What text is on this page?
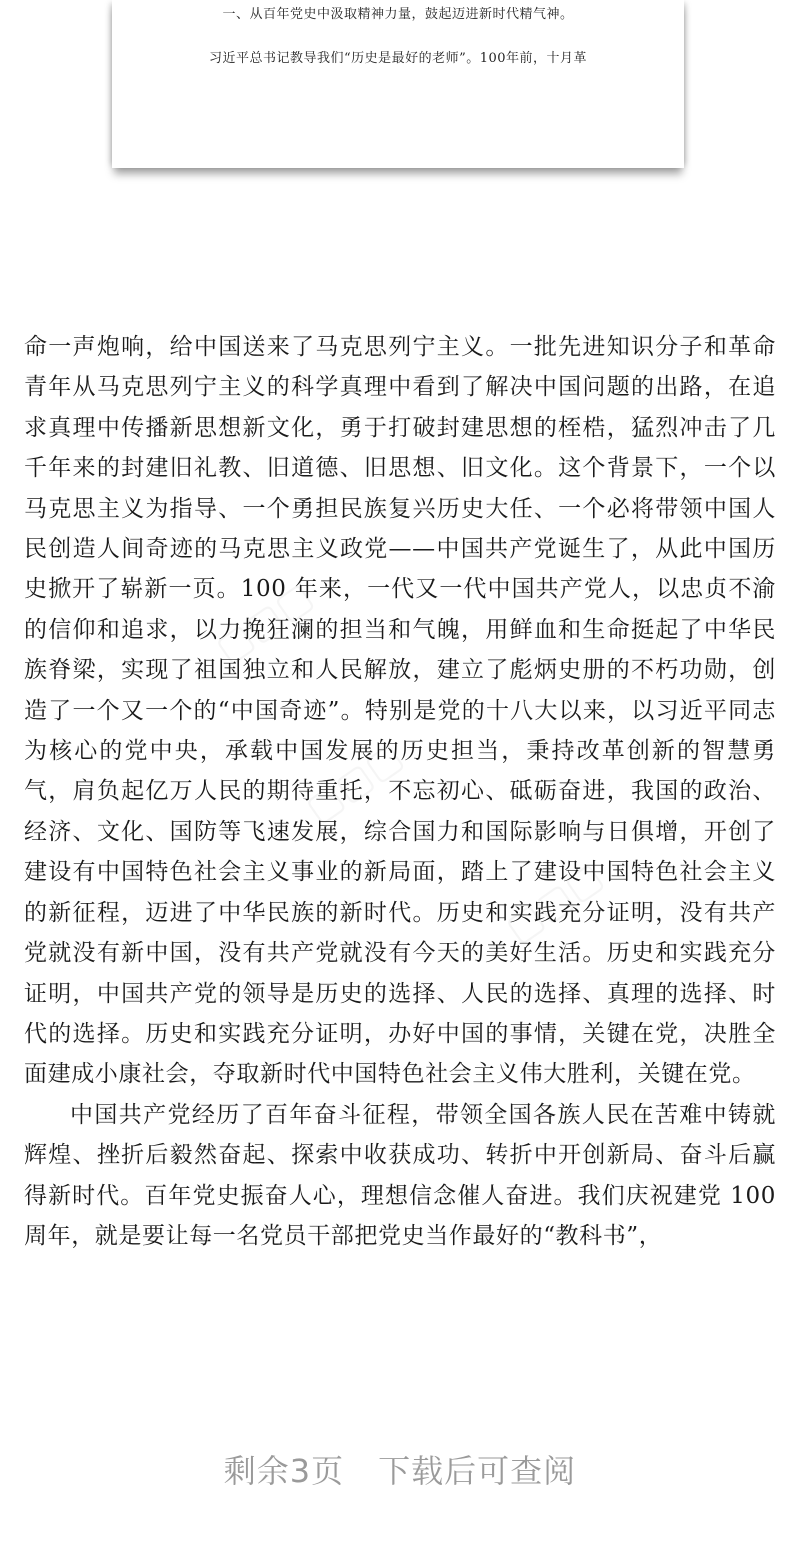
一、从百年党史中汲取精神力量，鼓起迈进新时代精气神。
习近平总书记教导我们“历史是最好的老师”。100年前，十月革
▢▢▢
▢▢▢
▢▢▢

命一声炮响，给中国送来了马克思列宁主义。一批先进知识分子和革命青年从马克思列宁主义的科学真理中看到了解决中国问题的出路，在追求真理中传播新思想新文化，勇于打破封建思想的桎梏，猛烈冲击了几千年来的封建旧礼教、旧道德、旧思想、旧文化。这个背景下，一个以马克思主义为指导、一个勇担民族复兴历史大任、一个必将带领中国人民创造人间奇迹的马克思主义政党——中国共产党诞生了，从此中国历史掀开了崭新一页。100 年来，一代又一代中国共产党人，以忠贞不渝的信仰和追求，以力挽狂澜的担当和气魄，用鲜血和生命挺起了中华民族脊梁，实现了祖国独立和人民解放，建立了彪炳史册的不朽功勋，创造了一个又一个的“中国奇迹”。特别是党的十八大以来，以习近平同志为核心的党中央，承载中国发展的历史担当，秉持改革创新的智慧勇气，肩负起亿万人民的期待重托，不忘初心、砥砺奋进，我国的政治、经济、文化、国防等飞速发展，综合国力和国际影响与日俱增，开创了建设有中国特色社会主义事业的新局面，踏上了建设中国特色社会主义的新征程，迈进了中华民族的新时代。历史和实践充分证明，没有共产党就没有新中国，没有共产党就没有今天的美好生活。历史和实践充分证明，中国共产党的领导是历史的选择、人民的选择、真理的选择、时代的选择。历史和实践充分证明，办好中国的事情，关键在党，决胜全面建成小康社会，夺取新时代中国特色社会主义伟大胜利，关键在党。

中国共产党经历了百年奋斗征程，带领全国各族人民在苦难中铸就辉煌、挫折后毅然奋起、探索中收获成功、转折中开创新局、奋斗后赢得新时代。百年党史振奋人心，理想信念催人奋进。我们庆祝建党 100 周年，就是要让每一名党员干部把党史当作最好的“教科书”，

剩余3页 下载后可查阅
